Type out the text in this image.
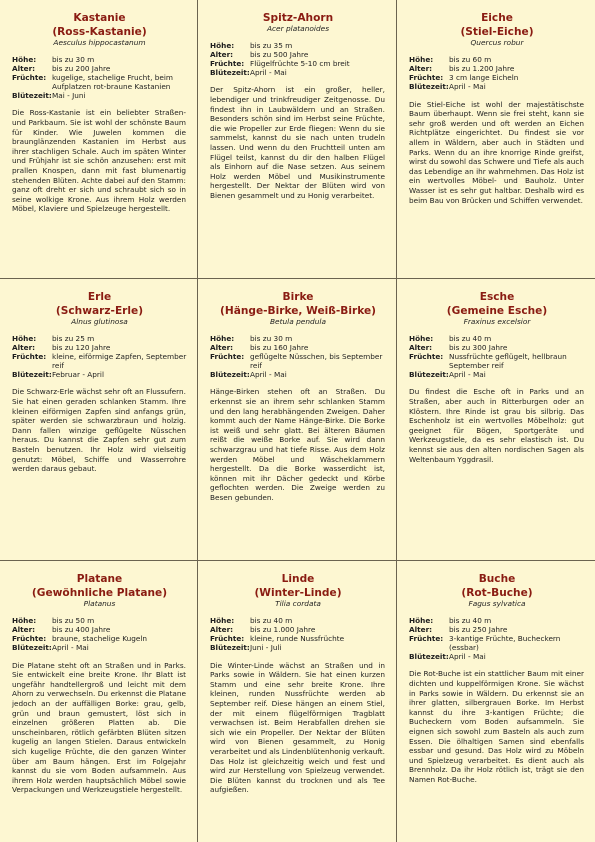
Kastanie
(Ross-Kastanie)
Aesculus hippocastanum
Höhe:	bis zu 30 m
Alter:	bis zu 200 Jahre
Früchte:	kugelige, stachelige Frucht, beim Aufplatzen rot-braune Kastanien
Blütezeit:	Mai - Juni

Die Ross-Kastanie ist ein beliebter Straßen- und Parkbaum. Sie ist wohl der schönste Baum für Kinder. Wie Juwelen kommen die braunglänzenden Kastanien im Herbst aus ihrer stachligen Schale. Auch im späten Winter und Frühjahr ist sie schön anzusehen: erst mit prallen Knospen, dann mit fast blumenartig stehenden Blüten. Achte dabei auf den Stamm: ganz oft dreht er sich und schraubt sich so in seine wolkige Krone. Aus ihrem Holz werden Möbel, Klaviere und Spielzeuge hergestellt.

Spitz-Ahorn
Acer platanoides
Höhe:	bis zu 35 m
Alter:	bis zu 500 Jahre
Früchte:	Flügelfrüchte 5-10 cm breit
Blütezeit:	April - Mai

Der Spitz-Ahorn ist ein großer, heller, lebendiger und trinkfreudiger Zeitgenosse. Du findest ihn in Laubwäldern und an Straßen. Besonders schön sind im Herbst seine Früchte, die wie Propeller zur Erde fliegen: Wenn du sie sammelst, kannst du sie nach unten trudeln lassen. Und wenn du den Fruchtteil unten am Flügel teilst, kannst du dir den halben Flügel als Einhorn auf die Nase setzen. Aus seinem Holz werden Möbel und Musikinstrumente hergestellt. Der Nektar der Blüten wird von Bienen gesammelt und zu Honig verarbeitet.

Eiche
(Stiel-Eiche)
Quercus robur
Höhe:	bis zu 60 m
Alter:	bis zu 1.200 Jahre
Früchte:	3 cm lange Eicheln
Blütezeit:	April - Mai

Die Stiel-Eiche ist wohl der majestätischste Baum überhaupt. Wenn sie frei steht, kann sie sehr groß werden und oft werden an Eichen Richtplätze eingerichtet. Du findest sie vor allem in Wäldern, aber auch in Städten und Parks. Wenn du an ihre knorrige Rinde greifst, wirst du sowohl das Schwere und Tiefe als auch das Lebendige an ihr wahrnehmen. Das Holz ist ein wertvolles Möbel- und Bauholz. Unter Wasser ist es sehr gut haltbar. Deshalb wird es beim Bau von Brücken und Schiffen verwendet.

Erle
(Schwarz-Erle)
Alnus glutinosa
Höhe:	bis zu 25 m
Alter:	bis zu 120 Jahre
Früchte:	kleine, eiförmige Zapfen, September reif
Blütezeit:	Februar - April

Die Schwarz-Erle wächst sehr oft an Flussufern. Sie hat einen geraden schlanken Stamm. Ihre kleinen eiförmigen Zapfen sind anfangs grün, später werden sie schwarzbraun und holzig. Dann fallen winzige geflügelte Nüsschen heraus. Du kannst die Zapfen sehr gut zum Basteln benutzen. Ihr Holz wird vielseitig genutzt: Möbel, Schiffe und Wasserrohre werden daraus gebaut.

Birke
(Hänge-Birke, Weiß-Birke)
Betula pendula
Höhe:	bis zu 30 m
Alter:	bis zu 160 Jahre
Früchte:	geflügelte Nüsschen, bis September reif
Blütezeit:	April - Mai

Hänge-Birken stehen oft an Straßen. Du erkennst sie an ihrem sehr schlanken Stamm und den lang herabhängenden Zweigen. Daher kommt auch der Name Hänge-Birke. Die Borke ist weiß und sehr glatt. Bei älteren Bäumen reißt die weiße Borke auf. Sie wird dann schwarzgrau und hat tiefe Risse. Aus dem Holz werden Möbel und Wäscheklammern hergestellt. Da die Borke wasserdicht ist, können mit ihr Dächer gedeckt und Körbe geflochten werden. Die Zweige werden zu Besen gebunden.

Esche
(Gemeine Esche)
Fraxinus excelsior
Höhe:	bis zu 40 m
Alter:	bis zu 300 Jahre
Früchte:	Nussfrüchte geflügelt, hellbraun September reif
Blütezeit:	April - Mai

Du findest die Esche oft in Parks und an Straßen, aber auch in Ritterburgen oder an Klöstern. Ihre Rinde ist grau bis silbrig. Das Eschenholz ist ein wertvolles Möbelholz: gut geeignet für Bögen, Sportgeräte und Werkzeugstiele, da es sehr elastisch ist. Du kennst sie aus den alten nordischen Sagen als Weltenbaum Yggdrasil.

Platane
(Gewöhnliche Platane)
Platanus
Höhe:	bis zu 50 m
Alter:	bis zu 400 Jahre
Früchte:	braune, stachelige Kugeln
Blütezeit:	April - Mai

Die Platane steht oft an Straßen und in Parks. Sie entwickelt eine breite Krone. Ihr Blatt ist ungefähr handtellergroß und leicht mit dem Ahorn zu verwechseln. Du erkennst die Platane jedoch an der auffälligen Borke: grau, gelb, grün und braun gemustert, löst sich in einzelnen größeren Platten ab. Die unscheinbaren, rötlich gefärbten Blüten sitzen kugelig an langen Stielen. Daraus entwickeln sich kugelige Früchte, die den ganzen Winter über am Baum hängen. Erst im Folgejahr kannst du sie vom Boden aufsammeln. Aus ihrem Holz werden hauptsächlich Möbel sowie Verpackungen und Werkzeugstiele hergestellt.

Linde
(Winter-Linde)
Tilia cordata
Höhe:	bis zu 40 m
Alter:	bis zu 1.000 Jahre
Früchte:	kleine, runde Nussfrüchte
Blütezeit:	Juni - Juli

Die Winter-Linde wächst an Straßen und in Parks sowie in Wäldern. Sie hat einen kurzen Stamm und eine sehr breite Krone. Ihre kleinen, runden Nussfrüchte werden ab September reif. Diese hängen an einem Stiel, der mit einem flügelförmigen Tragblatt verwachsen ist. Beim Herabfallen drehen sie sich wie ein Propeller. Der Nektar der Blüten wird von Bienen gesammelt, zu Honig verarbeitet und als Lindenblütenhonig verkauft. Das Holz ist gleichzeitig weich und fest und wird zur Herstellung von Spielzeug verwendet. Die Blüten kannst du trocknen und als Tee aufgießen.

Buche
(Rot-Buche)
Fagus sylvatica
Höhe:	bis zu 40 m
Alter:	bis zu 250 Jahre
Früchte:	3-kantige Früchte, Bucheckern (essbar)
Blütezeit:	April - Mai

Die Rot-Buche ist ein stattlicher Baum mit einer dichten und kuppelförmigen Krone. Sie wächst in Parks sowie in Wäldern. Du erkennst sie an ihrer glatten, silbergrauen Borke. Im Herbst kannst du ihre 3-kantigen Früchte; die Bucheckern vom Boden aufsammeln. Sie eignen sich sowohl zum Basteln als auch zum Essen. Die ölhaltigen Samen sind ebenfalls essbar und gesund. Das Holz wird zu Möbeln und Spielzeug verarbeitet. Es dient auch als Brennholz. Da ihr Holz rötlich ist, trägt sie den Namen Rot-Buche.
